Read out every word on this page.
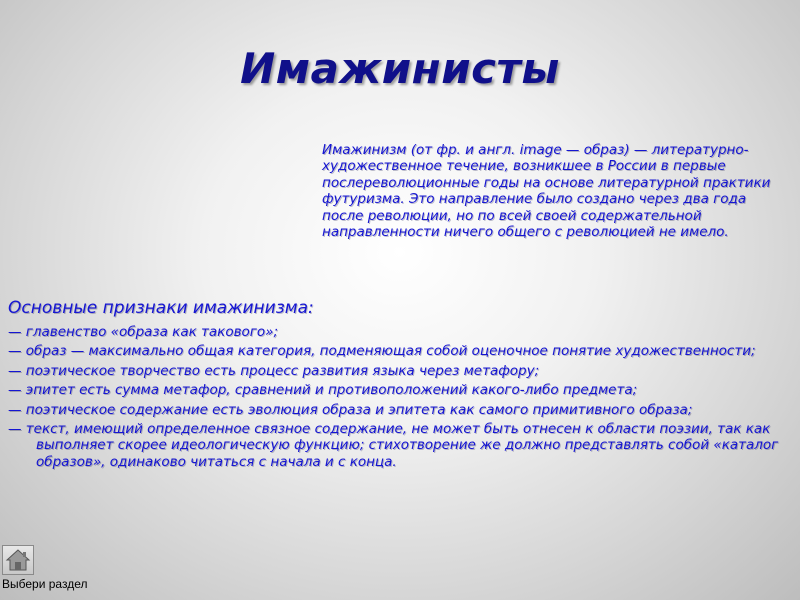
Имажинисты
Имажинизм (от фр. и англ. image — образ) — литературно-художественное течение, возникшее в России в первые послереволюционные годы на основе литературной практики футуризма. Это направление было создано через два года после революции, но по всей своей содержательной направленности ничего общего с революцией не имело.
Основные признаки имажинизма:
— главенство «образа как такового»;
— образ — максимально общая категория, подменяющая собой оценочное понятие художественности;
— поэтическое творчество есть процесс развития языка через метафору;
— эпитет есть сумма метафор, сравнений и противоположений какого-либо предмета;
— поэтическое содержание есть эволюция образа и эпитета как самого примитивного образа;
— текст, имеющий определенное связное содержание, не может быть отнесен к области поэзии, так как выполняет скорее идеологическую функцию; стихотворение же должно представлять собой «каталог образов», одинаково читаться с начала и с конца.
Выбери раздел
